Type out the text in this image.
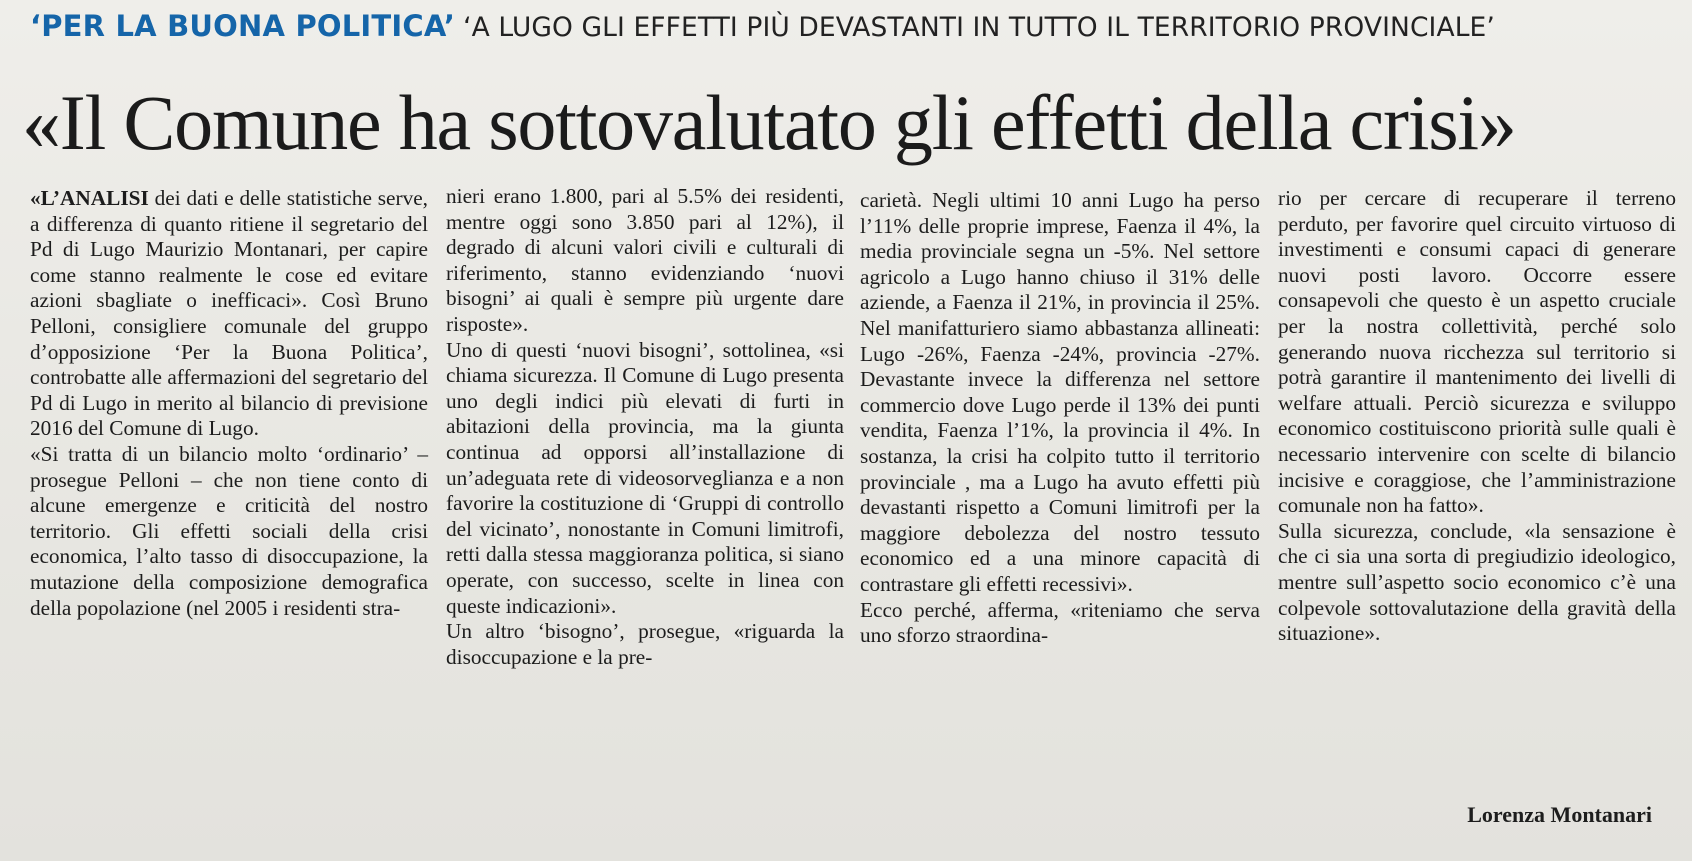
‘PER LA BUONA POLITICA’ ‘A LUGO GLI EFFETTI PIÙ DEVASTANTI IN TUTTO IL TERRITORIO PROVINCIALE’
«Il Comune ha sottovalutato gli effetti della crisi»

«L’ANALISI dei dati e delle statistiche serve, a differenza di quanto ritiene il segretario del Pd di Lugo Maurizio Montanari, per capire come stanno realmente le cose ed evitare azioni sbagliate o inefficaci». Così Bruno Pelloni, consigliere comunale del gruppo d’opposizione ‘Per la Buona Politica’, controbatte alle affermazioni del segretario del Pd di Lugo in merito al bilancio di previsione 2016 del Comune di Lugo.

«Si tratta di un bilancio molto ‘ordinario’ – prosegue Pelloni – che non tiene conto di alcune emergenze e criticità del nostro territorio. Gli effetti sociali della crisi economica, l’alto tasso di disoccupazione, la mutazione della composizione demografica della popolazione (nel 2005 i residenti stra-

nieri erano 1.800, pari al 5.5% dei residenti, mentre oggi sono 3.850 pari al 12%), il degrado di alcuni valori civili e culturali di riferimento, stanno evidenziando ‘nuovi bisogni’ ai quali è sempre più urgente dare risposte».

Uno di questi ‘nuovi bisogni’, sottolinea, «si chiama sicurezza. Il Comune di Lugo presenta uno degli indici più elevati di furti in abitazioni della provincia, ma la giunta continua ad opporsi all’installazione di un’adeguata rete di videosorveglianza e a non favorire la costituzione di ‘Gruppi di controllo del vicinato’, nonostante in Comuni limitrofi, retti dalla stessa maggioranza politica, si siano operate, con successo, scelte in linea con queste indicazioni».

Un altro ‘bisogno’, prosegue, «riguarda la disoccupazione e la pre-

carietà. Negli ultimi 10 anni Lugo ha perso l’11% delle proprie imprese, Faenza il 4%, la media provinciale segna un -5%. Nel settore agricolo a Lugo hanno chiuso il 31% delle aziende, a Faenza il 21%, in provincia il 25%. Nel manifatturiero siamo abbastanza allineati: Lugo -26%, Faenza -24%, provincia -27%. Devastante invece la differenza nel settore commercio dove Lugo perde il 13% dei punti vendita, Faenza l’1%, la provincia il 4%. In sostanza, la crisi ha colpito tutto il territorio provinciale , ma a Lugo ha avuto effetti più devastanti rispetto a Comuni limitrofi per la maggiore debolezza del nostro tessuto economico ed a una minore capacità di contrastare gli effetti recessivi».

Ecco perché, afferma, «riteniamo che serva uno sforzo straordina-

rio per cercare di recuperare il terreno perduto, per favorire quel circuito virtuoso di investimenti e consumi capaci di generare nuovi posti lavoro. Occorre essere consapevoli che questo è un aspetto cruciale per la nostra collettività, perché solo generando nuova ricchezza sul territorio si potrà garantire il mantenimento dei livelli di welfare attuali. Perciò sicurezza e sviluppo economico costituiscono priorità sulle quali è necessario intervenire con scelte di bilancio incisive e coraggiose, che l’amministrazione comunale non ha fatto».

Sulla sicurezza, conclude, «la sensazione è che ci sia una sorta di pregiudizio ideologico, mentre sull’aspetto socio economico c’è una colpevole sottovalutazione della gravità della situazione».

Lorenza Montanari
